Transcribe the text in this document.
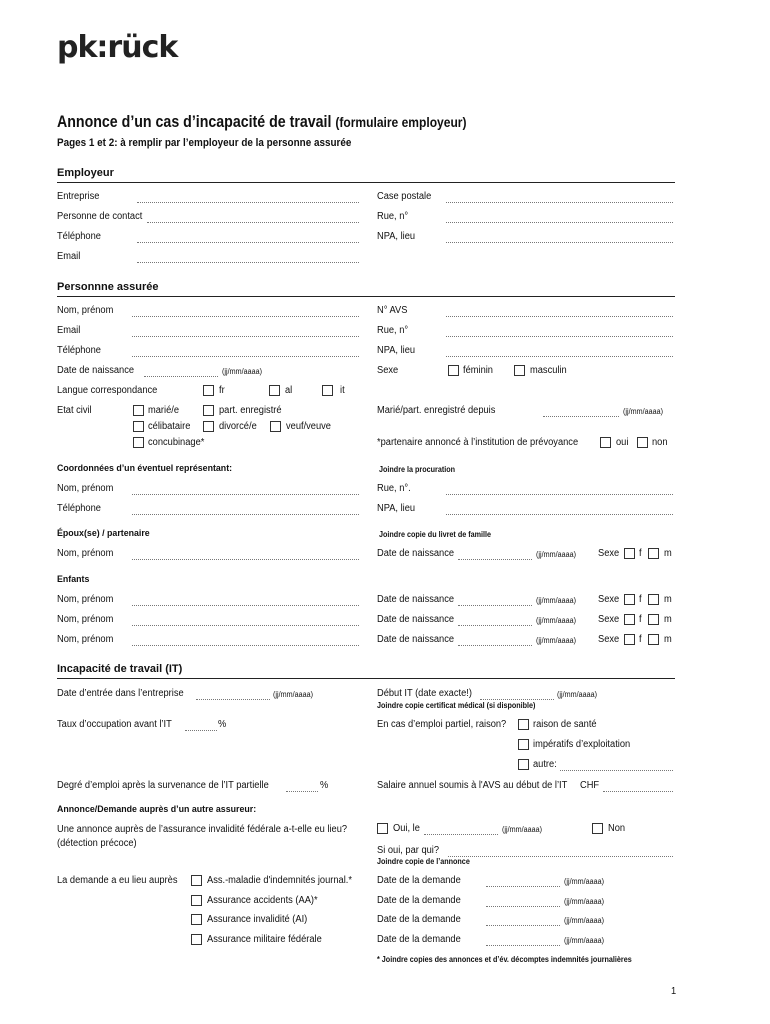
pk:rück
Annonce d’un cas d’incapacité de travail (formulaire employeur)
Pages 1 et 2: à remplir par l’employeur de la personne assurée
Employeur
Entreprise	Case postale
Personne de contact	Rue, n°
Téléphone	NPA, lieu
Email
Personnne assurée
Nom, prénom	N° AVS
Email	Rue, n°
Téléphone	NPA, lieu
Date de naissance	(jj/mm/aaaa)	Sexe	féminin	masculin
Langue correspondance	fr	al	it
Etat civil	marié/e	part. enregistré	Marié/part. enregistré depuis	(jj/mm/aaaa)
célibataire	divorcé/e	veuf/veuve
concubinage*	*partenaire annoncé à l’institution de prévoyance	oui non
Coordonnées d’un éventuel représentant:	Joindre la procuration
Nom, prénom	Rue, n°.
Téléphone	NPA, lieu
Époux(se) / partenaire	Joindre copie du livret de famille
Nom, prénom	Date de naissance	(jj/mm/aaaa) Sexe f m
Enfants
Nom, prénom	Date de naissance	(jj/mm/aaaa) Sexe f m
Nom, prénom	Date de naissance	(jj/mm/aaaa) Sexe f m
Nom, prénom	Date de naissance	(jj/mm/aaaa) Sexe f m
Incapacité de travail (IT)
Date d’entrée dans l’entreprise	(jj/mm/aaaa)	Début IT (date exacte!)	(jj/mm/aaaa)
Joindre copie certificat médical (si disponible)
Taux d’occupation avant l’IT	%	En cas d’emploi partiel, raison?	raison de santé
impératifs d’exploitation
autre:
Degré d’emploi après la survenance de l’IT partielle	%	Salaire annuel soumis à l'AVS au début de l’IT CHF
Annonce/Demande auprès d’un autre assureur:
Une annonce auprès de l’assurance invalidité fédérale a-t-elle eu lieu?
(détection précoce)
Oui, le	(jj/mm/aaaa)	Non
Si oui, par qui?
Joindre copie de l’annonce
La demande a eu lieu auprès	Ass.-maladie d'indemnités journal.*	Date de la demande	(jj/mm/aaaa)
Assurance accidents (AA)*	Date de la demande	(jj/mm/aaaa)
Assurance invalidité (AI)	Date de la demande	(jj/mm/aaaa)
Assurance militaire fédérale	Date de la demande	(jj/mm/aaaa)
* Joindre copies des annonces et d’év. décomptes indemnités journalières
1
